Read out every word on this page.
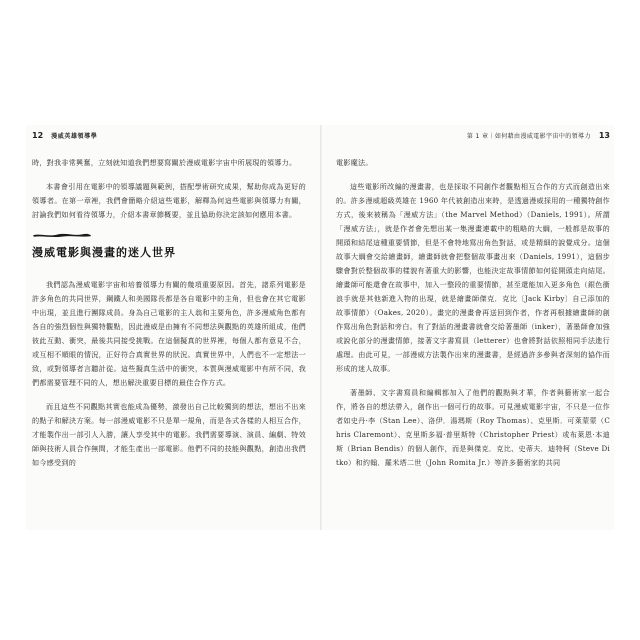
12 漫威英雄領導學

時，對我非常興奮，立刻就知道我們想要寫關於漫威電影宇宙中所展現的領導力。

本書會引用在電影中的領導議題與範例，搭配學術研究成果，幫助你成為更好的領導者。在第一章裡，我們會簡略介紹這些電影，解釋為何這些電影與領導力有關，討論我們如何看待領導力，介紹本書章節概要，並且協助你決定該如何應用本書。

漫威電影與漫畫的迷人世界

我們認為漫威電影宇宙和培養領導力有關的幾項重要原因。首先，諸系列電影是許多角色的共同世界，鋼鐵人和美國隊長都是各自電影中的主角，但也會在其它電影中出現，並且進行團隊成員。身為自己電影的主人翁和主要角色，許多漫威角色都有各自的強烈個性與獨特觀點，因此漫威是由擁有不同想法與觀點的英雄所組成，他們彼此互動、衝突，最後共同接受挑戰。在這個擬真的世界裡，每個人都有意見不合，或互相不順眼的情況，正好符合真實世界的狀況。真實世界中，人們也不一定想法一致，或對領導者言聽計從。這些擬真生活中的衝突，本質與漫威電影中有所不同，我們都需要管理不同的人，想出解決重要目標的最佳合作方式。

而且這些不同觀點其實也能成為優勢，激發出自己比較獨到的想法，想出不出來的點子和解決方案。每一部漫威電影不只是單一規角，而是各式各樣的人相互合作，才能製作出一部引人入勝，讓人享受其中的電影。我們需要導演、演員、編劇、特效師與技術人員合作無間，才能生產出一部電影。他們不同的技能與觀點，創造出我們如今感受到的

第 1 章｜如何藉由漫威電影宇宙中的領導力 13

電影魔法。

這些電影所改編的漫畫書，也是採取不同創作者觀點相互合作的方式而創造出來的。許多漫威超級英雄在 1960 年代被創造出來時，是透過漫威採用的一種獨特創作方式，後來被稱為「漫威方法」（the Marvel Method）（Daniels, 1991）。所謂「漫威方法」，就是作者會先想出某一集漫畫連載中的粗略的大綱，一般都是故事的開頭和結尾這種重要情節，但是不會特地寫出角色對話，或是精細的說覺成分。這個故事大綱會交給繪畫師，繪畫師就會把整個故事畫出來（Daniels, 1991），這個步驟會對於整個故事的樣貌有著重大的影響，也能決定故事情節如何從開頭走向結尾。繪畫師可能還會在故事中，加入一整段的重要情節，甚至還能加入更多角色（銀色衝浪手就是其他新進入物的出現，就是繪畫師傑克．克比〔Jack Kirby〕自己添加的故事情節）（Oakes, 2020）。畫完的漫畫會再送回到作者，作者再根據繪畫師的創作寫出角色對話和旁白。有了對話的漫畫書就會交給著墨師（inker），著墨師會加強或說化部分的漫畫情節，接著文字書寫員（letterer）也會將對話依照相同手法進行處理。由此可見，一部漫威方法製作出來的漫畫書，是經過許多參與者深刻的協作而形成的迷人故事。

著墨師、文字書寫員和編輯都加入了他們的觀點與才華，作者與藝術家一起合作，將各自的想法帶入，創作出一個可行的故事。可見漫威電影宇宙，不只是一位作者如史丹·李（Stan Lee）、洛伊．湯瑪斯（Roy Thomas）、克里斯．可萊蒙蒙（Chris Claremont）、克里斯多福·普里斯特（Christopher Priest）或布萊恩·本迪斯（Brian Bendis）的個人創作，而是與傑克．克比、史蒂夫．迪特柯（Steve Ditko）和約翰．羅米塔二世（John Romita Jr.）等許多藝術家的共同
